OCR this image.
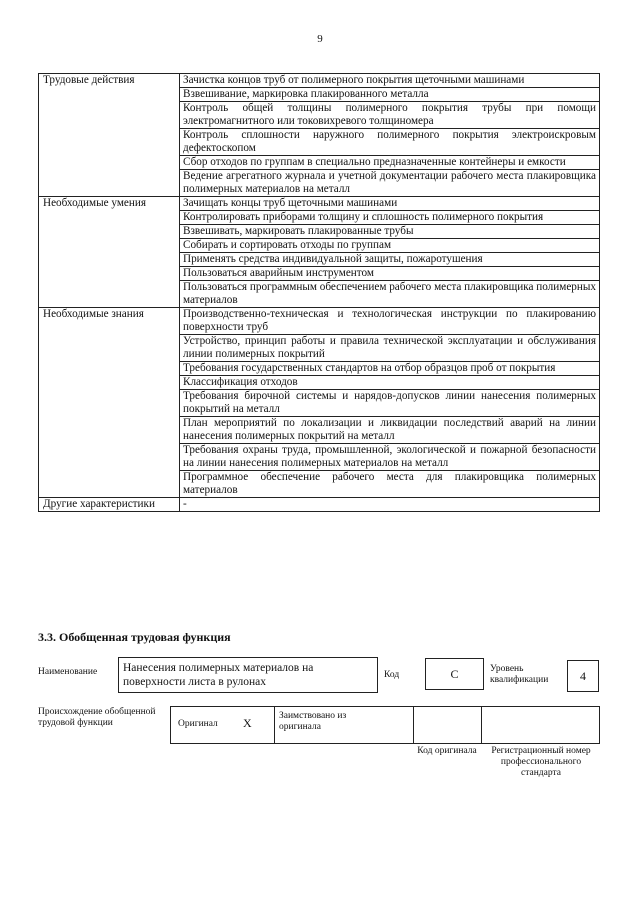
9
Трудовые действия	Зачистка концов труб от полимерного покрытия щеточными машинами
	Взвешивание, маркировка плакированного металла
	Контроль общей толщины полимерного покрытия трубы при помощи электромагнитного или токовихревого толщиномера
	Контроль сплошности наружного полимерного покрытия электроискровым дефектоскопом
	Сбор отходов по группам в специально предназначенные контейнеры и емкости
	Ведение агрегатного журнала и учетной документации рабочего места плакировщика полимерных материалов на металл
Необходимые умения	Зачищать концы труб щеточными машинами
	Контролировать приборами толщину и сплошность полимерного покрытия
	Взвешивать, маркировать плакированные трубы
	Собирать и сортировать отходы по группам
	Применять средства индивидуальной защиты, пожаротушения
	Пользоваться аварийным инструментом
	Пользоваться программным обеспечением рабочего места плакировщика полимерных материалов
Необходимые знания	Производственно-техническая и технологическая инструкции по плакированию поверхности труб
	Устройство, принцип работы и правила технической эксплуатации и обслуживания линии полимерных покрытий
	Требования государственных стандартов на отбор образцов проб от покрытия
	Классификация отходов
	Требования бирочной системы и нарядов-допусков линии нанесения полимерных покрытий на металл
	План мероприятий по локализации и ликвидации последствий аварий на линии нанесения полимерных покрытий на металл
	Требования охраны труда, промышленной, экологической и пожарной безопасности на линии нанесения полимерных материалов на металл
	Программное обеспечение рабочего места для плакировщика полимерных материалов
Другие характеристики	-
3.3. Обобщенная трудовая функция
Наименование	Нанесения полимерных материалов на поверхности листа в рулонах
Код	C	Уровень квалификации	4
Происхождение обобщенной трудовой функции	Оригинал X	Заимствовано из оригинала
Код оригинала	Регистрационный номер профессионального стандарта
